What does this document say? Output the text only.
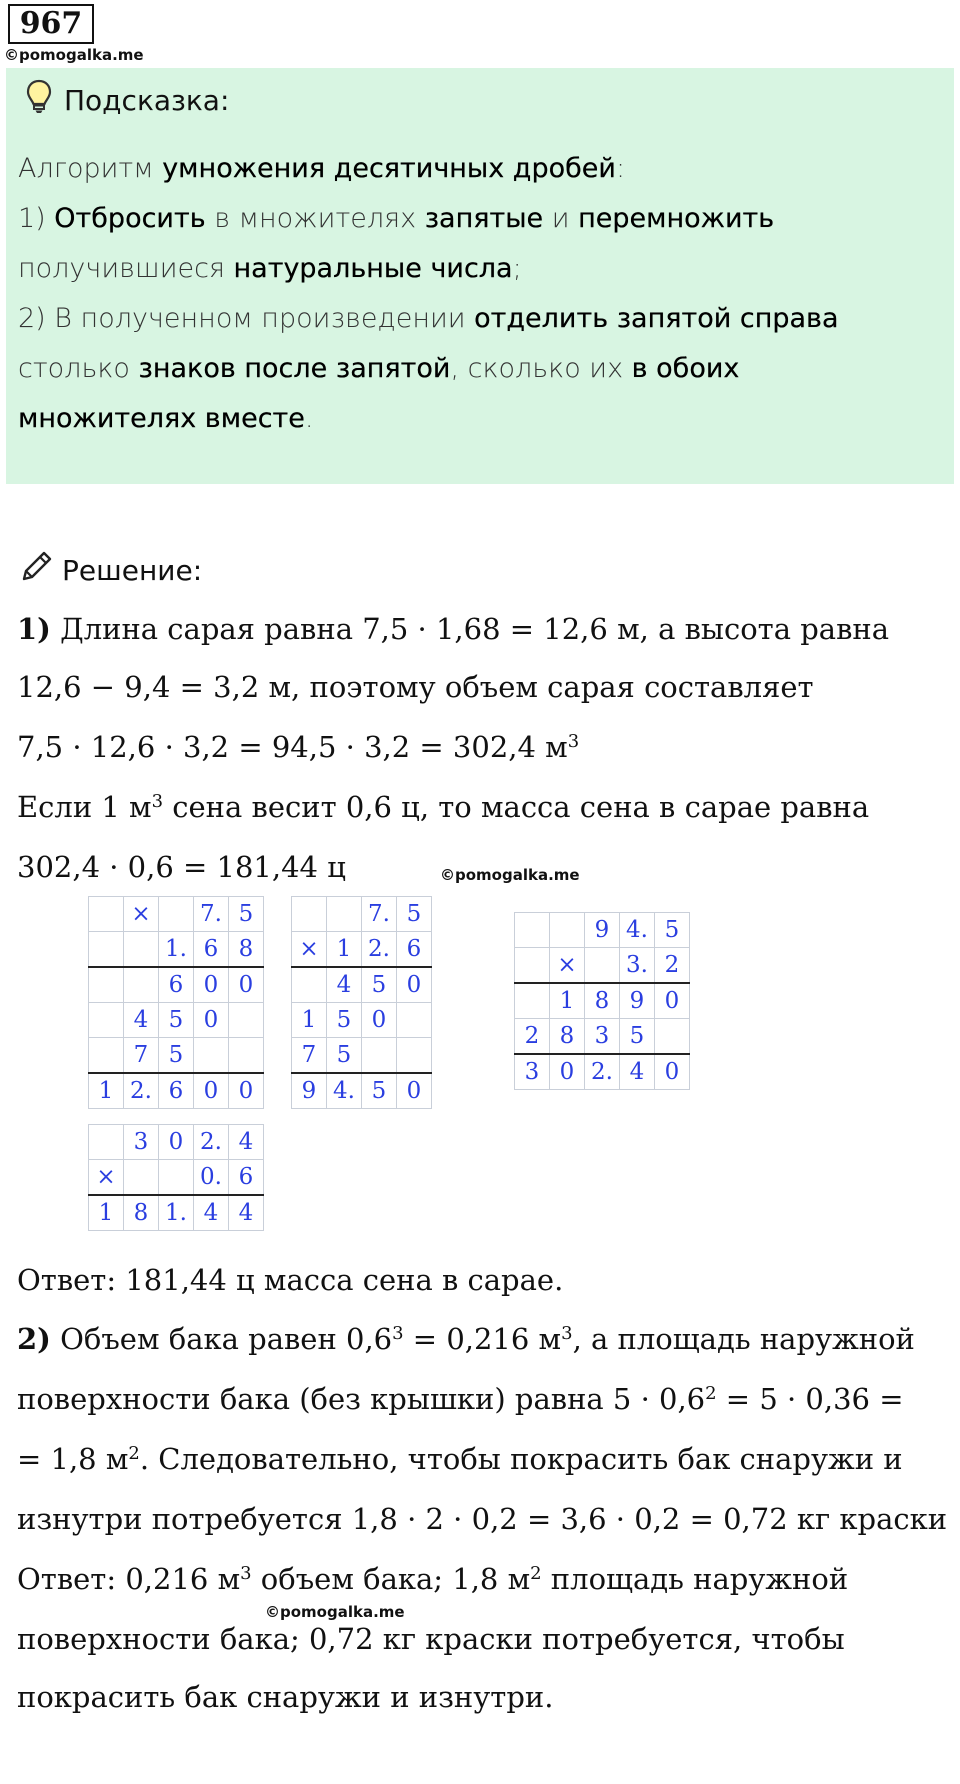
967
©pomogalka.me
Подсказка:
Алгоритм умножения десятичных дробей:
1) Отбросить в множителях запятые и перемножить
получившиеся натуральные числа;
2) В полученном произведении отделить запятой справа
столько знаков после запятой, сколько их в обоих
множителях вместе.
Решение:
1) Длина сарая равна 7,5 · 1,68 = 12,6 м, а высота равна
12,6 − 9,4 = 3,2 м, поэтому объем сарая составляет
7,5 · 12,6 · 3,2 = 94,5 · 3,2 = 302,4 $м^3$
Если 1 $м^3$ сена весит 0,6 ц, то масса сена в сарае равна
302,4 · 0,6 = 181,44 ц
Ответ: 181,44 ц масса сена в сарае.
2) Объем бака равен $0,6^3 = 0,216$ $м^3$, а площадь наружной
поверхности бака (без крышки) равна $5 \cdot 0,6^2 = 5 \cdot 0,36$ =
= 1,8 $м^2$. Следовательно, чтобы покрасить бак снаружи и
изнутри потребуется 1,8 · 2 · 0,2 = 3,6 · 0,2 = 0,72 кг краски
Ответ: 0,216 $м^3$ объем бака; 1,8 $м^2$ площадь наружной
поверхности бака; 0,72 кг краски потребуется, чтобы
покрасить бак снаружи и изнутри.
©pomogalka.me
©pomogalka.me
	×		7.	5
		1.	6	8
		6	0	0
	4	5	0	
	7	5		
1	2.	6	0	0
		7.	5
×	1	2.	6
	4	5	0
1	5	0	
7	5		
9	4.	5	0
		9	4.	5
	×		3.	2
	1	8	9	0
2	8	3	5	
3	0	2.	4	0
	3	0	2.	4
×			0.	6
1	8	1.	4	4
